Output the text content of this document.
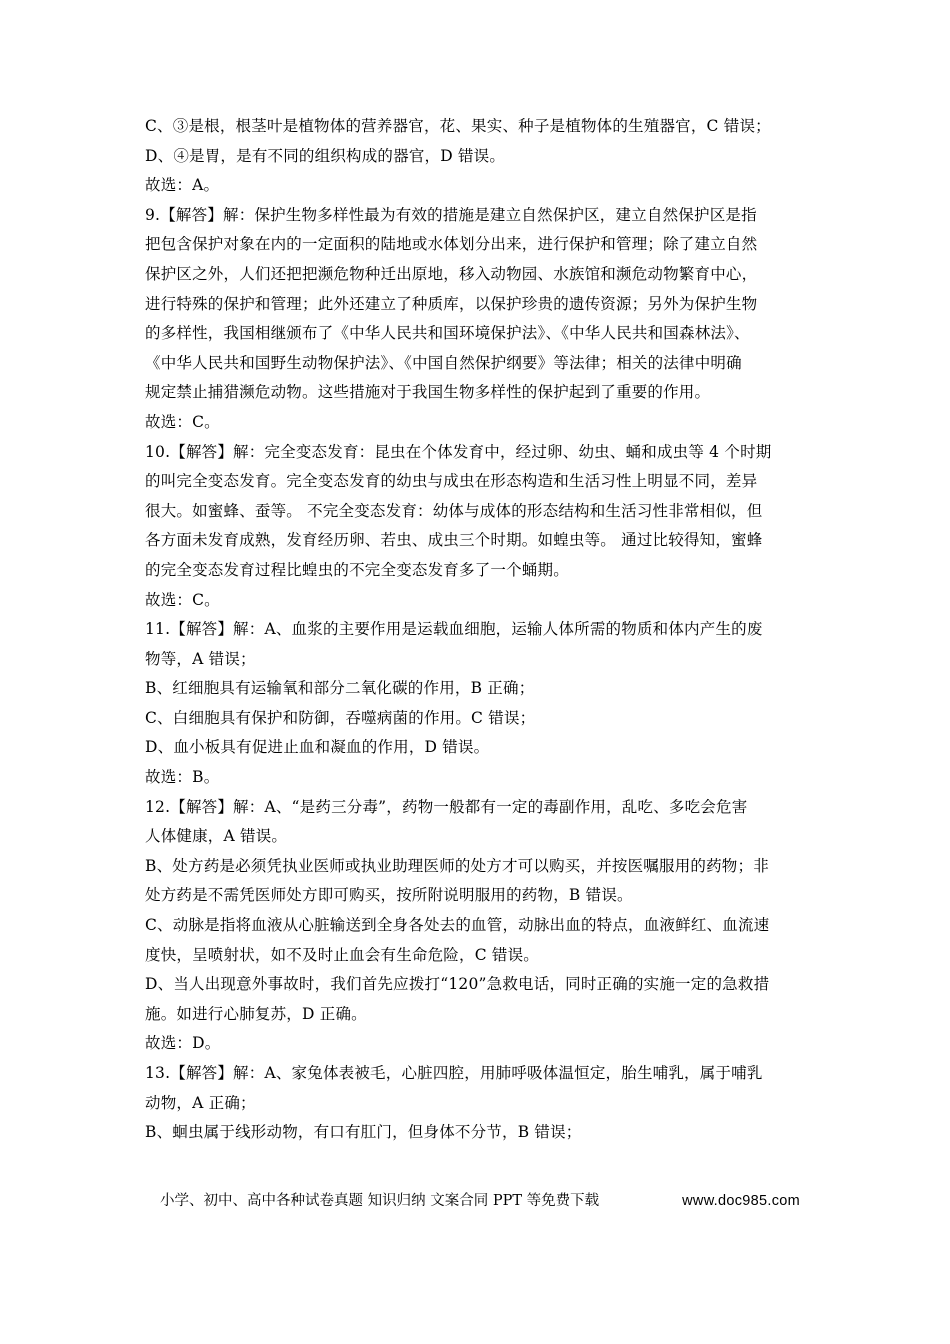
C、③是根，根茎叶是植物体的营养器官，花、果实、种子是植物体的生殖器官，C 错误；
D、④是胃，是有不同的组织构成的器官，D 错误。
故选：A。
9.【解答】解：保护生物多样性最为有效的措施是建立自然保护区，建立自然保护区是指
把包含保护对象在内的一定面积的陆地或水体划分出来，进行保护和管理；除了建立自然
保护区之外，人们还把把濒危物种迁出原地，移入动物园、水族馆和濒危动物繁育中心，
进行特殊的保护和管理；此外还建立了种质库，以保护珍贵的遗传资源；另外为保护生物
的多样性，我国相继颁布了《中华人民共和国环境保护法》、《中华人民共和国森林法》、
《中华人民共和国野生动物保护法》、《中国自然保护纲要》等法律；相关的法律中明确
规定禁止捕猎濒危动物。这些措施对于我国生物多样性的保护起到了重要的作用。
故选：C。
10.【解答】解：完全变态发育：昆虫在个体发育中，经过卵、幼虫、蛹和成虫等 4 个时期
的叫完全变态发育。完全变态发育的幼虫与成虫在形态构造和生活习性上明显不同，差异
很大。如蜜蜂、蚕等。 不完全变态发育：幼体与成体的形态结构和生活习性非常相似，但
各方面未发育成熟，发育经历卵、若虫、成虫三个时期。如蝗虫等。 通过比较得知，蜜蜂
的完全变态发育过程比蝗虫的不完全变态发育多了一个蛹期。
故选：C。
11.【解答】解：A、血浆的主要作用是运载血细胞，运输人体所需的物质和体内产生的废
物等，A 错误；
B、红细胞具有运输氧和部分二氧化碳的作用，B 正确；
C、白细胞具有保护和防御，吞噬病菌的作用。C 错误；
D、血小板具有促进止血和凝血的作用，D 错误。
故选：B。
12.【解答】解：A、“是药三分毒”，药物一般都有一定的毒副作用，乱吃、多吃会危害
人体健康，A 错误。
B、处方药是必须凭执业医师或执业助理医师的处方才可以购买，并按医嘱服用的药物；非
处方药是不需凭医师处方即可购买，按所附说明服用的药物，B 错误。
C、动脉是指将血液从心脏输送到全身各处去的血管，动脉出血的特点，血液鲜红、血流速
度快，呈喷射状，如不及时止血会有生命危险，C 错误。
D、当人出现意外事故时，我们首先应拨打“120”急救电话，同时正确的实施一定的急救措
施。如进行心肺复苏，D 正确。
故选：D。
13.【解答】解：A、家兔体表被毛，心脏四腔，用肺呼吸体温恒定，胎生哺乳，属于哺乳
动物，A 正确；
B、蛔虫属于线形动物，有口有肛门，但身体不分节，B 错误；
小学、初中、高中各种试卷真题 知识归纳 文案合同 PPT 等免费下载	www.doc985.com
